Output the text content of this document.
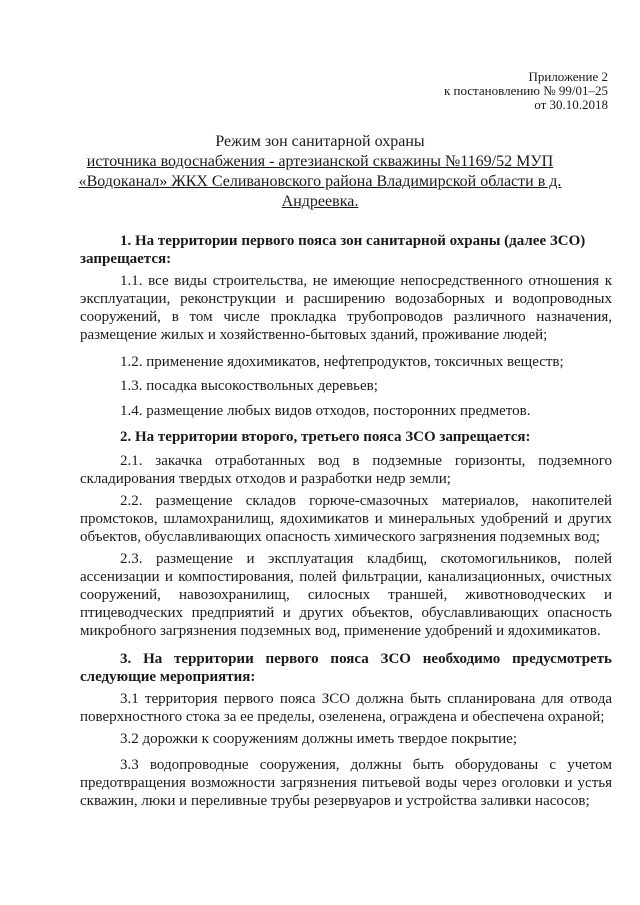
Приложение 2
к постановлению № 99/01–25
от 30.10.2018
Режим зон санитарной охраны
источника водоснабжения - артезианской скважины №1169/52 МУП
«Водоканал» ЖКХ Селивановского района Владимирской области в д.
Андреевка.
1. На территории первого пояса зон санитарной охраны (далее ЗСО)
запрещается:
1.1. все виды строительства, не имеющие непосредственного отношения к эксплуатации, реконструкции и расширению водозаборных и водопроводных сооружений, в том числе прокладка трубопроводов различного назначения, размещение жилых и хозяйственно-бытовых зданий, проживание людей;
1.2. применение ядохимикатов, нефтепродуктов, токсичных веществ;
1.3. посадка высокоствольных деревьев;
1.4. размещение любых видов отходов, посторонних предметов.
2. На территории второго, третьего пояса ЗСО запрещается:
2.1. закачка отработанных вод в подземные горизонты, подземного складирования твердых отходов и разработки недр земли;
2.2. размещение складов горюче-смазочных материалов, накопителей промстоков, шламохранилищ, ядохимикатов и минеральных удобрений и других объектов, обуславливающих опасность химического загрязнения подземных вод;
2.3. размещение и эксплуатация кладбищ, скотомогильников, полей ассенизации и компостирования, полей фильтрации, канализационных, очистных сооружений, навозохранилищ, силосных траншей, животноводческих и птицеводческих предприятий и других объектов, обуславливающих опасность микробного загрязнения подземных вод, применение удобрений и ядохимикатов.
3. На территории первого пояса ЗСО необходимо предусмотреть следующие мероприятия:
3.1 территория первого пояса ЗСО должна быть спланирована для отвода поверхностного стока за ее пределы, озеленена, ограждена и обеспечена охраной;
3.2 дорожки к сооружениям должны иметь твердое покрытие;
3.3 водопроводные сооружения, должны быть оборудованы с учетом предотвращения возможности загрязнения питьевой воды через оголовки и устья скважин, люки и переливные трубы резервуаров и устройства заливки насосов;
